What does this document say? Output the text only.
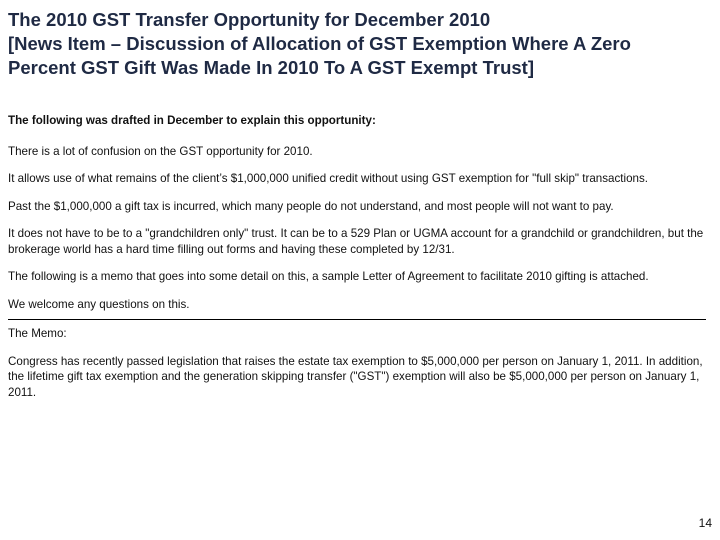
The 2010 GST Transfer Opportunity for December 2010
[News Item – Discussion of Allocation of GST Exemption Where A Zero
Percent GST Gift Was Made In 2010 To A GST Exempt Trust]

The following was drafted in December to explain this opportunity:

There is a lot of confusion on the GST opportunity for 2010.

It allows use of what remains of the client’s $1,000,000 unified credit without using GST exemption for "full skip" transactions.

Past the $1,000,000 a gift tax is incurred, which many people do not understand, and most people will not want to pay.

It does not have to be to a "grandchildren only" trust. It can be to a 529 Plan or UGMA account for a grandchild or grandchildren, but the brokerage world has a hard time filling out forms and having these completed by 12/31.

The following is a memo that goes into some detail on this, a sample Letter of Agreement to facilitate 2010 gifting is attached.

We welcome any questions on this.

The Memo:

Congress has recently passed legislation that raises the estate tax exemption to $5,000,000 per person on January 1, 2011. In addition, the lifetime gift tax exemption and the generation skipping transfer ("GST") exemption will also be $5,000,000 per person on January 1, 2011.

14
